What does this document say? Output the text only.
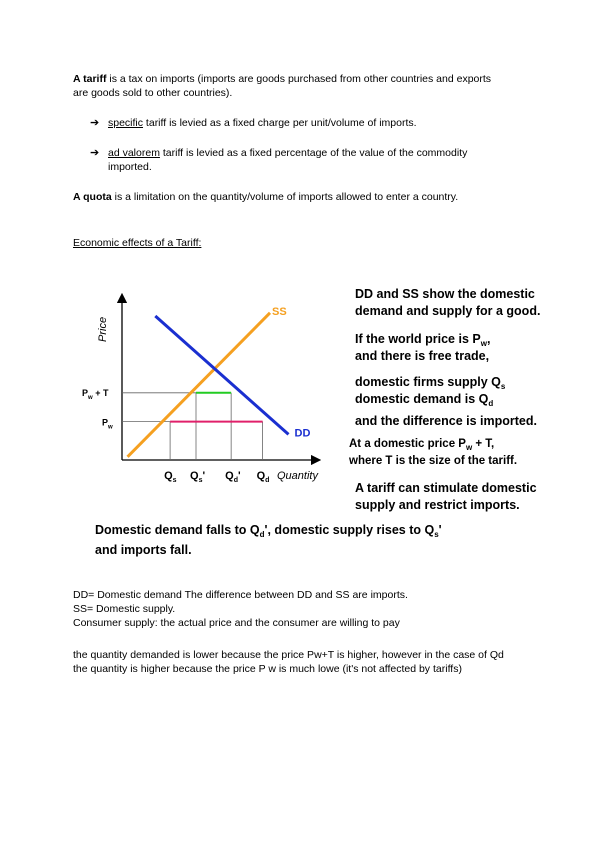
A tariff is a tax on imports (imports are goods purchased from other countries and exports
are goods sold to other countries).
➔ specific tariff is levied as a fixed charge per unit/volume of imports.
➔ ad valorem tariff is levied as a fixed percentage of the value of the commodity
imported.
A quota is a limitation on the quantity/volume of imports allowed to enter a country.
Economic effects of a Tariff:
SS
DD
Price
Quantity
$P_w + T$
$P_w$
$Q_s$ $Q_s'$ $Q_d'$ $Q_d$
DD and SS show the domestic
demand and supply for a good.
If the world price is $P_w$,
and there is free trade,
domestic firms supply $Q_s$
domestic demand is $Q_d$
and the difference is imported.
At a domestic price $P_w + T$,
where T is the size of the tariff.
A tariff can stimulate domestic
supply and restrict imports.
Domestic demand falls to $Q_d'$, domestic supply rises to $Q_s'$
and imports fall.
DD= Domestic demand The difference between DD and SS are imports.
SS= Domestic supply.
Consumer supply: the actual price and the consumer are willing to pay
the quantity demanded is lower because the price Pw+T is higher, however in the case of Qd
the quantity is higher because the price P w is much lowe (it's not affected by tariffs)
